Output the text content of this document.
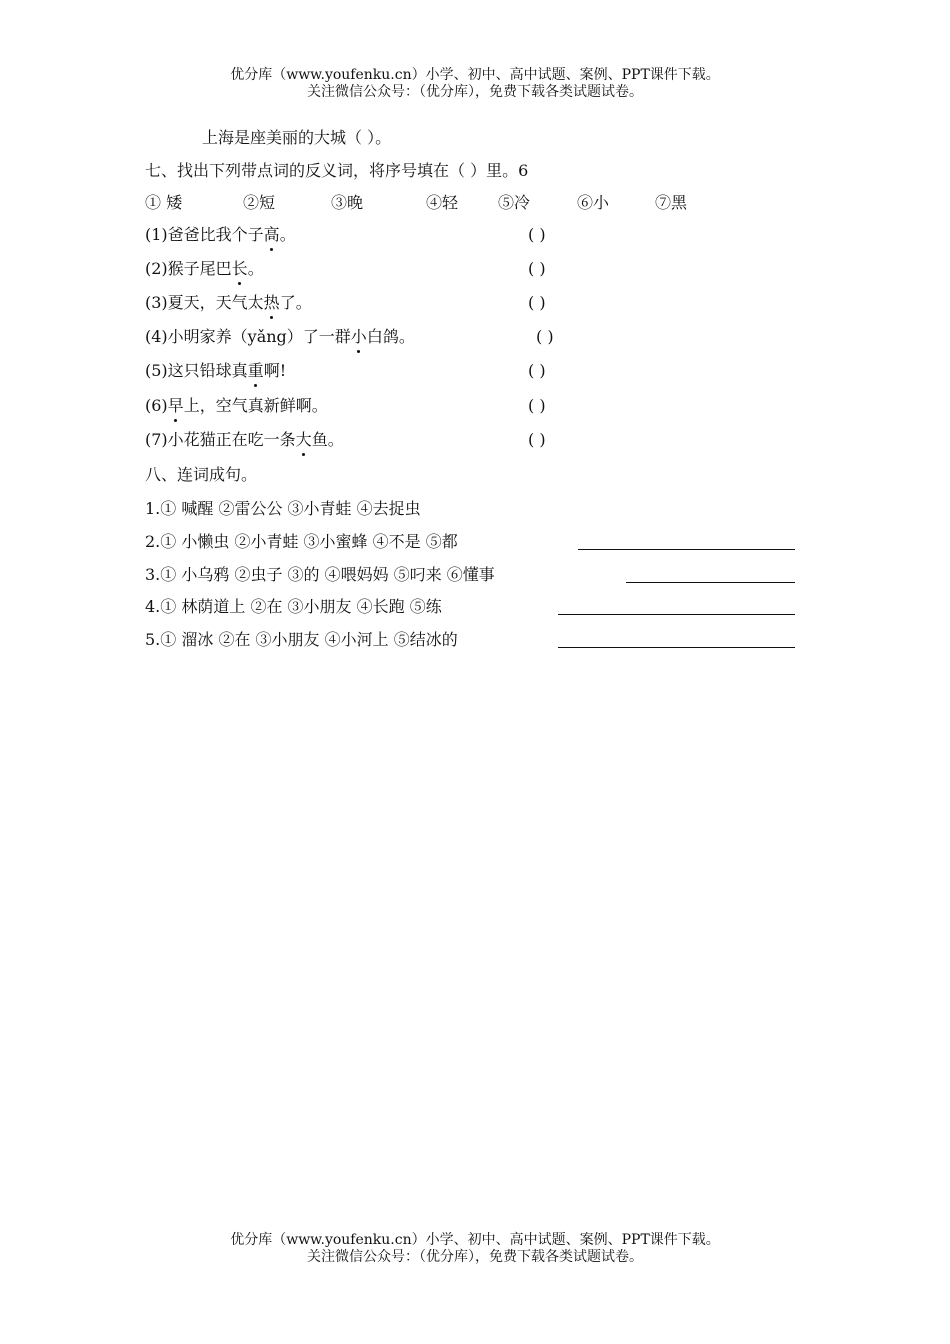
优分库（www.youfenku.cn）小学、初中、高中试题、案例、PPT课件下载。
关注微信公众号：（优分库），免费下载各类试题试卷。
上海是座美丽的大城（ ）。
七、找出下列带点词的反义词，将序号填在（ ）里。6
① 矮	②短	③晚	④轻 ⑤冷	⑥小	⑦黑
(1)爸爸比我个子高。	( )
(2)猴子尾巴长。	( )
(3)夏天，天气太热了。	( )
(4)小明家养（yǎng）了一群小白鸽。	( )
(5)这只铅球真重啊!	( )
(6)早上，空气真新鲜啊。	( )
(7)小花猫正在吃一条大鱼。	( )
八、连词成句。
1.① 喊醒 ②雷公公 ③小青蛙 ④去捉虫
2.① 小懒虫 ②小青蛙 ③小蜜蜂 ④不是 ⑤都
3.① 小乌鸦 ②虫子 ③的 ④喂妈妈 ⑤叼来 ⑥懂事
4.① 林荫道上 ②在 ③小朋友 ④长跑 ⑤练
5.① 溜冰 ②在 ③小朋友 ④小河上 ⑤结冰的
优分库（www.youfenku.cn）小学、初中、高中试题、案例、PPT课件下载。
关注微信公众号：（优分库），免费下载各类试题试卷。
